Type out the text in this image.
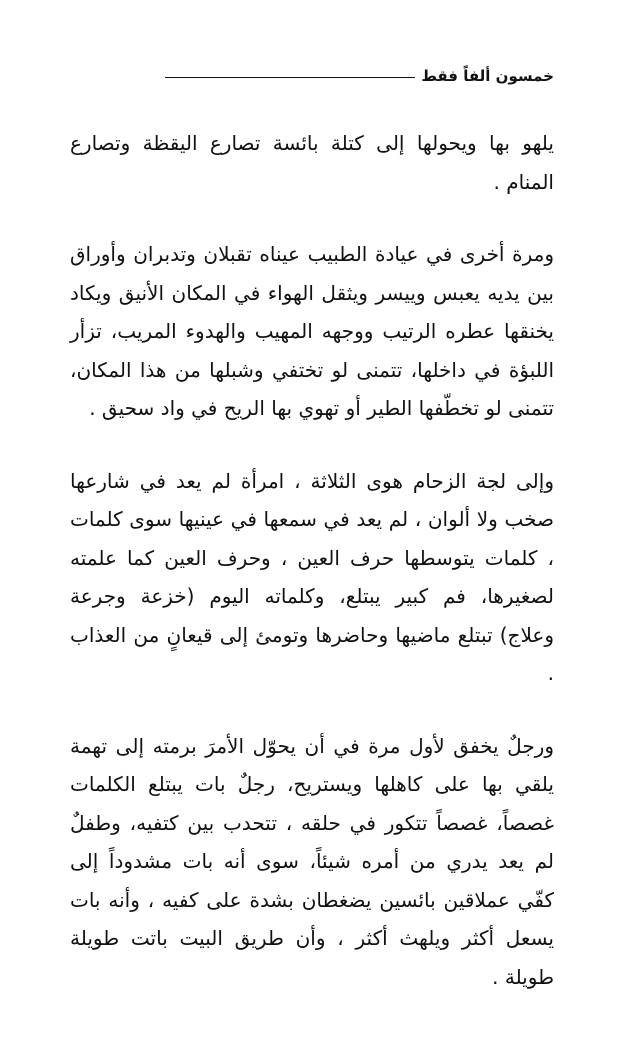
خمسون ألفاً فقط

يلهو بها ويحولها إلى كتلة بائسة تصارع اليقظة وتصارع المنام .

ومرة أخرى في عيادة الطبيب عيناه تقبلان وتدبران وأوراق بين يديه يعبس وييسر ويثقل الهواء في المكان الأنيق ويكاد يخنقها عطره الرتيب ووجهه المهيب والهدوء المريب، تزأر اللبؤة في داخلها، تتمنى لو تختفي وشبلها من هذا المكان، تتمنى لو تخطّفها الطير أو تهوي بها الريح في واد سحيق .

وإلى لجة الزحام هوى الثلاثة ، امرأة لم يعد في شارعها صخب ولا ألوان ، لم يعد في سمعها في عينيها سوى كلمات ، كلمات يتوسطها حرف العين ، وحرف العين كما علمته لصغيرها، فم كبير يبتلع، وكلماته اليوم (خزعة وجرعة وعلاج) تبتلع ماضيها وحاضرها وتومئ إلى قيعانٍ من العذاب .

ورجلٌ يخفق لأول مرة في أن يحوّل الأمرَ برمته إلى تهمة يلقي بها على كاهلها ويستريح، رجلٌ بات يبتلع الكلمات غصصاً، غصصاً تتكور في حلقه ، تتحدب بين كتفيه، وطفلٌ لم يعد يدري من أمره شيئاً، سوى أنه بات مشدوداً إلى كفّي عملاقين بائسين يضغطان بشدة على كفيه ، وأنه بات يسعل أكثر ويلهث أكثر ، وأن طريق البيت باتت طويلة طويلة .
